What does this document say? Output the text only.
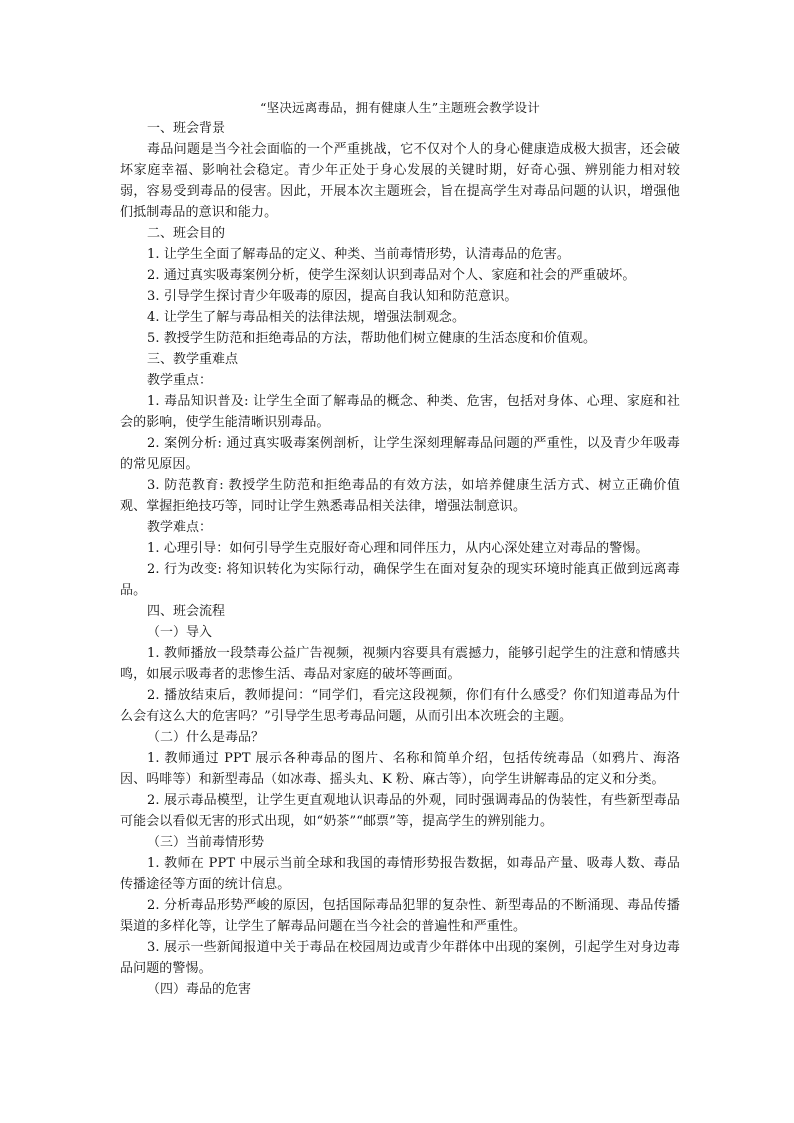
“坚决远离毒品，拥有健康人生”主题班会教学设计
一、班会背景

毒品问题是当今社会面临的一个严重挑战，它不仅对个人的身心健康造成极大损害，还会破坏家庭幸福、影响社会稳定。青少年正处于身心发展的关键时期，好奇心强、辨别能力相对较弱，容易受到毒品的侵害。因此，开展本次主题班会，旨在提高学生对毒品问题的认识，增强他们抵制毒品的意识和能力。

二、班会目的

1. 让学生全面了解毒品的定义、种类、当前毒情形势，认清毒品的危害。

2. 通过真实吸毒案例分析，使学生深刻认识到毒品对个人、家庭和社会的严重破坏。

3. 引导学生探讨青少年吸毒的原因，提高自我认知和防范意识。

4. 让学生了解与毒品相关的法律法规，增强法制观念。

5. 教授学生防范和拒绝毒品的方法，帮助他们树立健康的生活态度和价值观。

三、教学重难点
教学重点：

1. 毒品知识普及: 让学生全面了解毒品的概念、种类、危害，包括对身体、心理、家庭和社会的影响，使学生能清晰识别毒品。

2. 案例分析: 通过真实吸毒案例剖析，让学生深刻理解毒品问题的严重性，以及青少年吸毒的常见原因。

3. 防范教育: 教授学生防范和拒绝毒品的有效方法，如培养健康生活方式、树立正确价值观、掌握拒绝技巧等，同时让学生熟悉毒品相关法律，增强法制意识。

教学难点：

1. 心理引导：如何引导学生克服好奇心理和同伴压力，从内心深处建立对毒品的警惕。

2. 行为改变: 将知识转化为实际行动，确保学生在面对复杂的现实环境时能真正做到远离毒品。

四、班会流程
（一）导入

1. 教师播放一段禁毒公益广告视频，视频内容要具有震撼力，能够引起学生的注意和情感共鸣，如展示吸毒者的悲惨生活、毒品对家庭的破坏等画面。

2. 播放结束后，教师提问：“同学们，看完这段视频，你们有什么感受？你们知道毒品为什么会有这么大的危害吗？”引导学生思考毒品问题，从而引出本次班会的主题。

（二）什么是毒品？

1. 教师通过 PPT 展示各种毒品的图片、名称和简单介绍，包括传统毒品（如鸦片、海洛因、吗啡等）和新型毒品（如冰毒、摇头丸、K 粉、麻古等），向学生讲解毒品的定义和分类。

2. 展示毒品模型，让学生更直观地认识毒品的外观，同时强调毒品的伪装性，有些新型毒品可能会以看似无害的形式出现，如“奶茶”“邮票”等，提高学生的辨别能力。

（三）当前毒情形势

1. 教师在 PPT 中展示当前全球和我国的毒情形势报告数据，如毒品产量、吸毒人数、毒品传播途径等方面的统计信息。

2. 分析毒品形势严峻的原因，包括国际毒品犯罪的复杂性、新型毒品的不断涌现、毒品传播渠道的多样化等，让学生了解毒品问题在当今社会的普遍性和严重性。

3. 展示一些新闻报道中关于毒品在校园周边或青少年群体中出现的案例，引起学生对身边毒品问题的警惕。

（四）毒品的危害
